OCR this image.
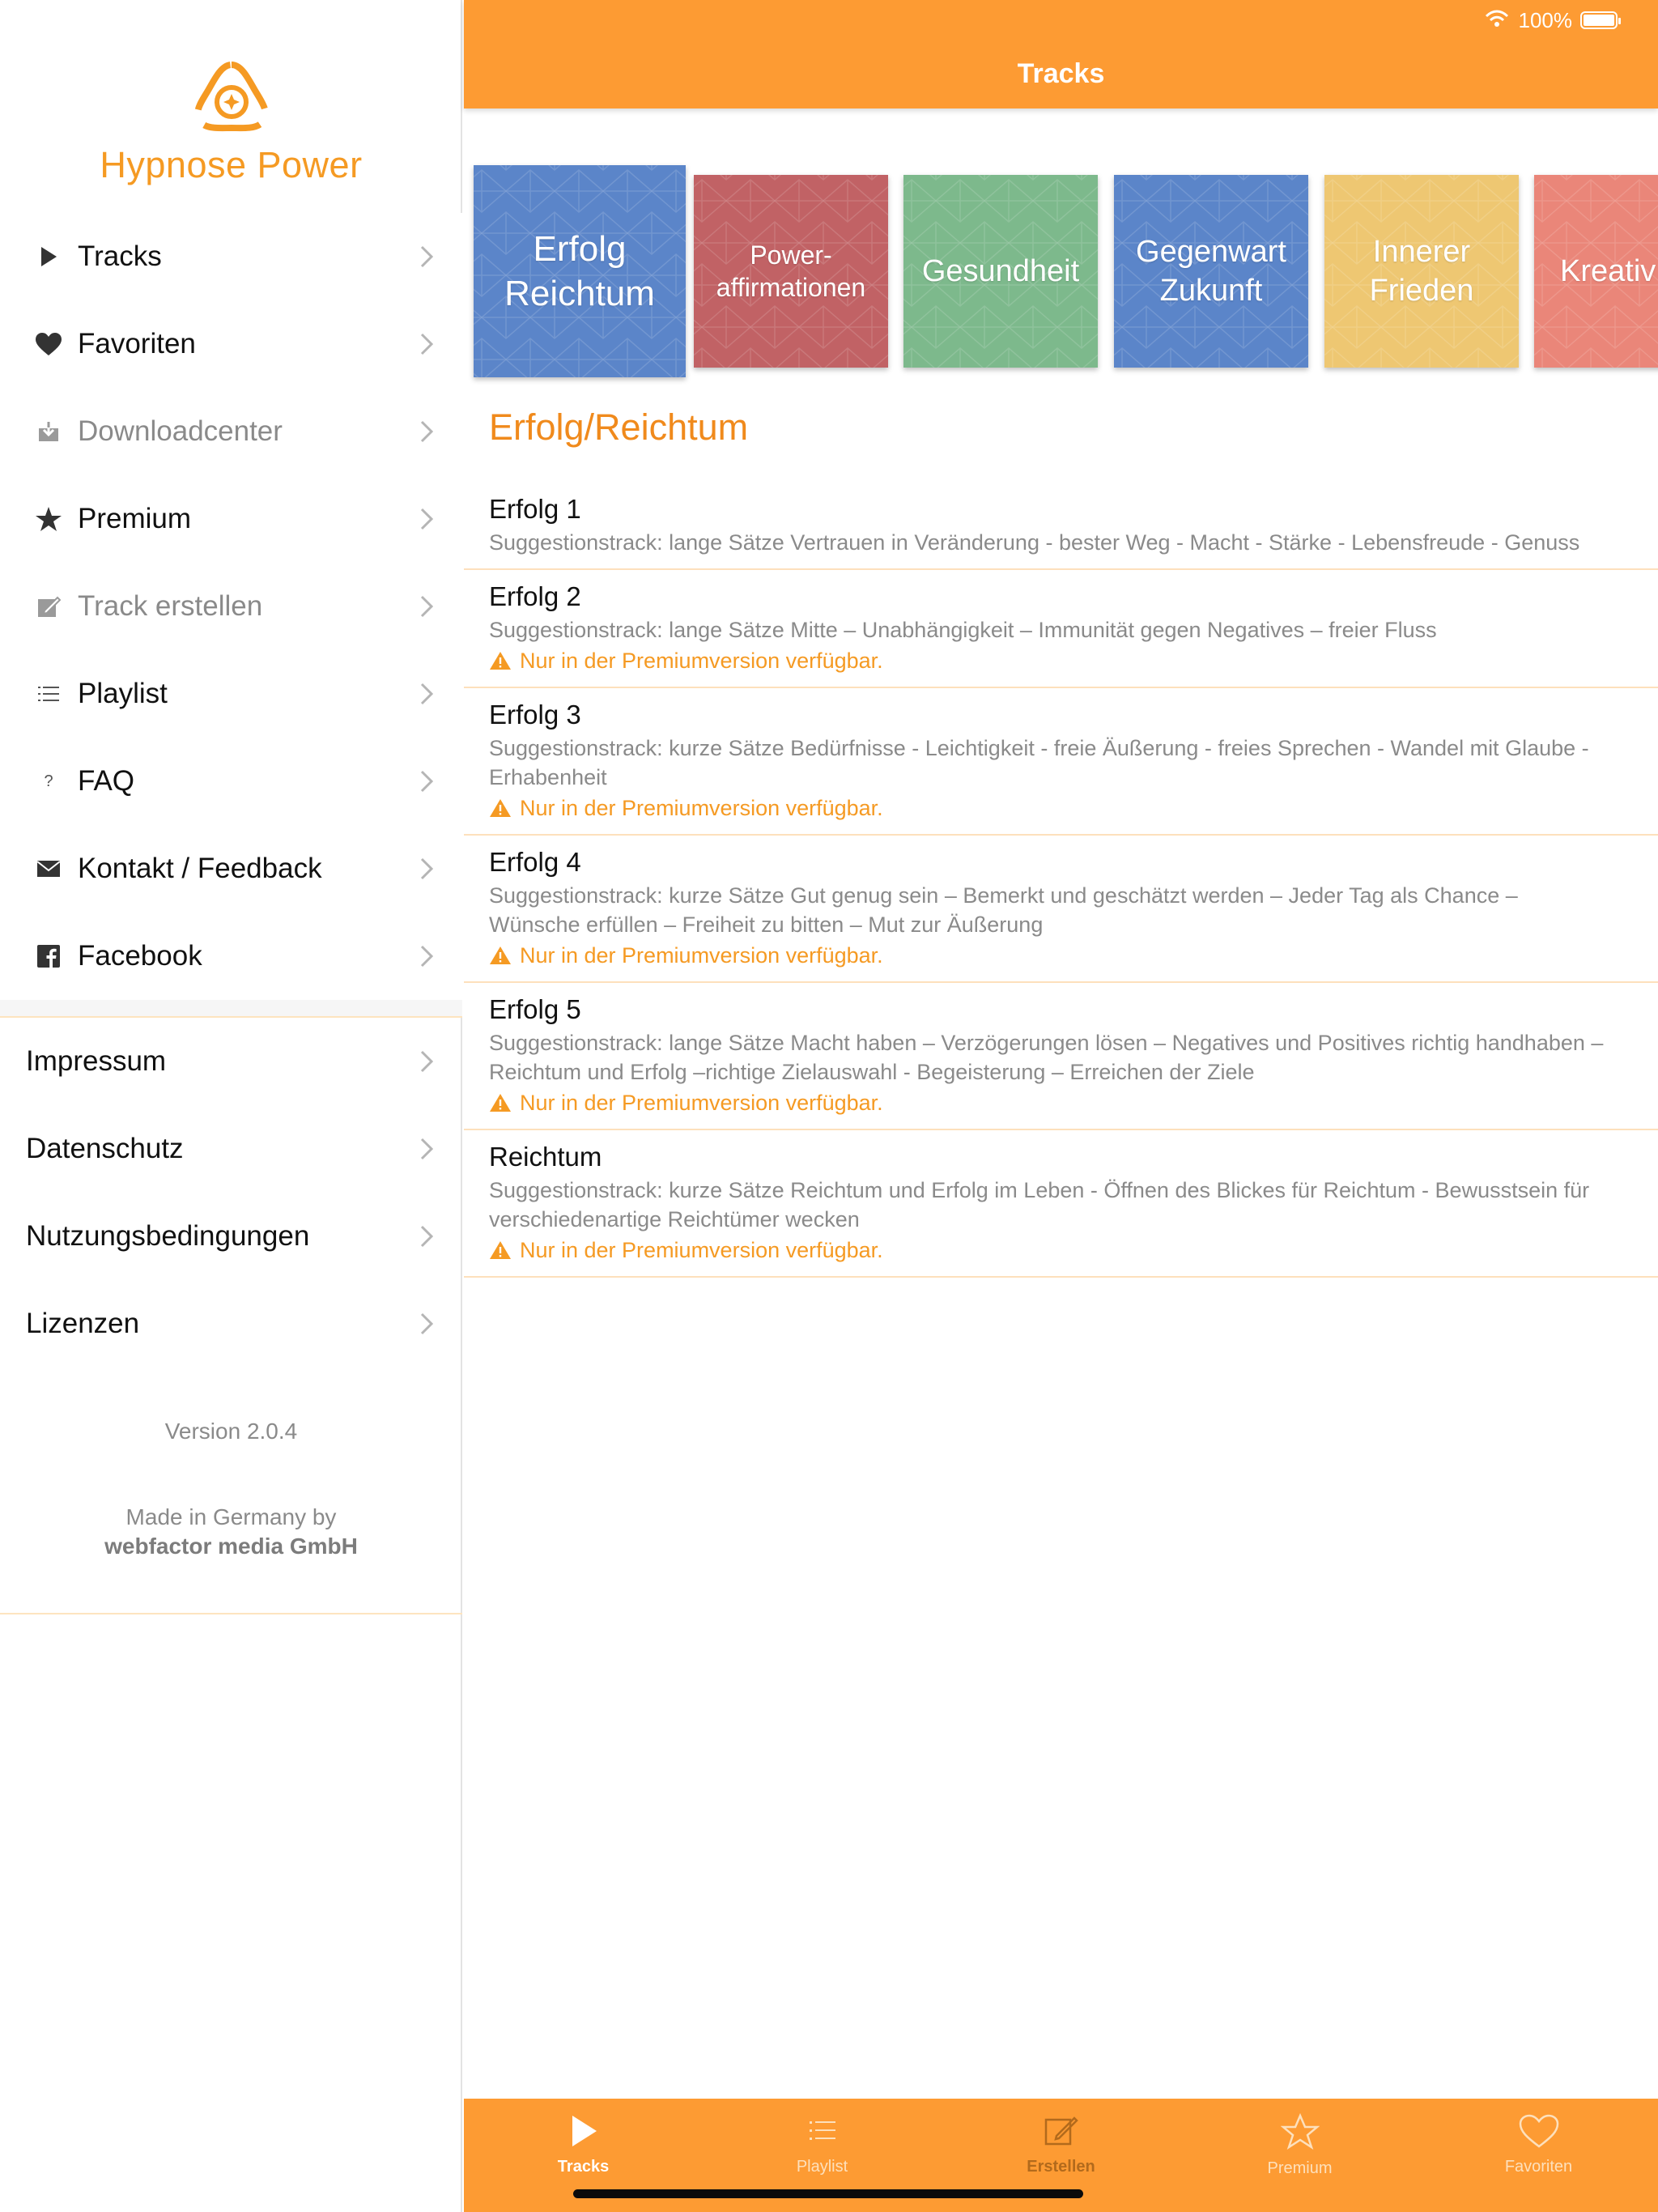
Hypnose Power
Tracks
Favoriten
Downloadcenter
Premium
Track erstellen
Playlist
? FAQ
Kontakt / Feedback
Facebook
Impressum
Datenschutz
Nutzungsbedingungen
Lizenzen
Version 2.0.4
Made in Germany by
webfactor media GmbH
100%
Tracks
Erfolg
Reichtum
Power-
affirmationen Gesundheit
Gegenwart
Zukunft
Innerer
Frieden
Kreativ
Erfolg/Reichtum
Erfolg 1
Suggestionstrack: lange Sätze Vertrauen in Veränderung - bester Weg - Macht - Stärke - Lebensfreude - Genuss
Erfolg 2
Suggestionstrack: lange Sätze Mitte – Unabhängigkeit – Immunität gegen Negatives – freier Fluss
Nur in der Premiumversion verfügbar.
Erfolg 3
Suggestionstrack: kurze Sätze Bedürfnisse - Leichtigkeit - freie Äußerung - freies Sprechen - Wandel mit Glaube - Erhabenheit
Nur in der Premiumversion verfügbar.
Erfolg 4
Suggestionstrack: kurze Sätze Gut genug sein – Bemerkt und geschätzt werden – Jeder Tag als Chance – Wünsche erfüllen – Freiheit zu bitten – Mut zur Äußerung
Nur in der Premiumversion verfügbar.
Erfolg 5
Suggestionstrack: lange Sätze Macht haben – Verzögerungen lösen – Negatives und Positives richtig handhaben – Reichtum und Erfolg –richtige Zielauswahl - Begeisterung – Erreichen der Ziele
Nur in der Premiumversion verfügbar.
Reichtum
Suggestionstrack: kurze Sätze Reichtum und Erfolg im Leben - Öffnen des Blickes für Reichtum - Bewusstsein für verschiedenartige Reichtümer wecken
Nur in der Premiumversion verfügbar.
Tracks	Playlist	Erstellen	Premium	Favoriten
